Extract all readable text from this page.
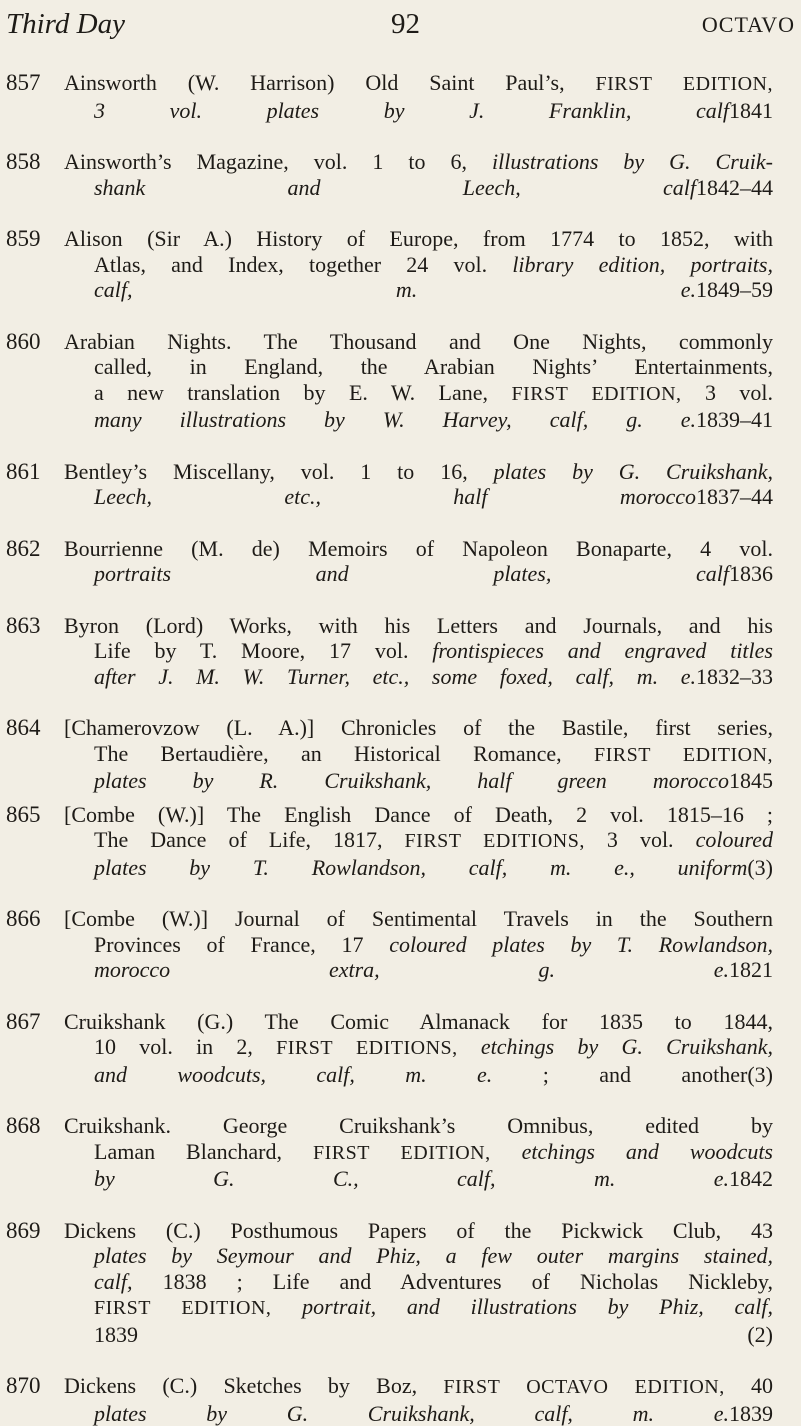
Third Day	92	OCTAVO
857 Ainsworth (W. Harrison) Old Saint Paul’s, FIRST EDITION,
3 vol. plates by J. Franklin, calf 1841
858 Ainsworth’s Magazine, vol. 1 to 6, illustrations by G. Cruik-
shank and Leech, calf 1842–44
859 Alison (Sir A.) History of Europe, from 1774 to 1852, with
Atlas, and Index, together 24 vol. library edition, portraits,
calf, m. e. 1849–59
860 Arabian Nights. The Thousand and One Nights, commonly
called, in England, the Arabian Nights’ Entertainments,
a new translation by E. W. Lane, FIRST EDITION, 3 vol.
many illustrations by W. Harvey, calf, g. e. 1839–41
861 Bentley’s Miscellany, vol. 1 to 16, plates by G. Cruikshank,
Leech, etc., half morocco 1837–44
862 Bourrienne (M. de) Memoirs of Napoleon Bonaparte, 4 vol.
portraits and plates, calf 1836
863 Byron (Lord) Works, with his Letters and Journals, and his
Life by T. Moore, 17 vol. frontispieces and engraved titles
after J. M. W. Turner, etc., some foxed, calf, m. e. 1832–33
864 [Chamerovzow (L. A.)] Chronicles of the Bastile, first series,
The Bertaudière, an Historical Romance, FIRST EDITION,
plates by R. Cruikshank, half green morocco 1845
865 [Combe (W.)] The English Dance of Death, 2 vol. 1815–16 ;
The Dance of Life, 1817, FIRST EDITIONS, 3 vol. coloured
plates by T. Rowlandson, calf, m. e., uniform (3)
866 [Combe (W.)] Journal of Sentimental Travels in the Southern
Provinces of France, 17 coloured plates by T. Rowlandson,
morocco extra, g. e. 1821
867 Cruikshank (G.) The Comic Almanack for 1835 to 1844,
10 vol. in 2, FIRST EDITIONS, etchings by G. Cruikshank,
and woodcuts, calf, m. e. ; and another (3)
868 Cruikshank. George Cruikshank’s Omnibus, edited by
Laman Blanchard, FIRST EDITION, etchings and woodcuts
by G. C., calf, m. e. 1842
869 Dickens (C.) Posthumous Papers of the Pickwick Club, 43
plates by Seymour and Phiz, a few outer margins stained,
calf, 1838 ; Life and Adventures of Nicholas Nickleby,
FIRST EDITION, portrait, and illustrations by Phiz, calf,
1839	(2)
870 Dickens (C.) Sketches by Boz, FIRST OCTAVO EDITION, 40
plates by G. Cruikshank, calf, m. e. 1839
